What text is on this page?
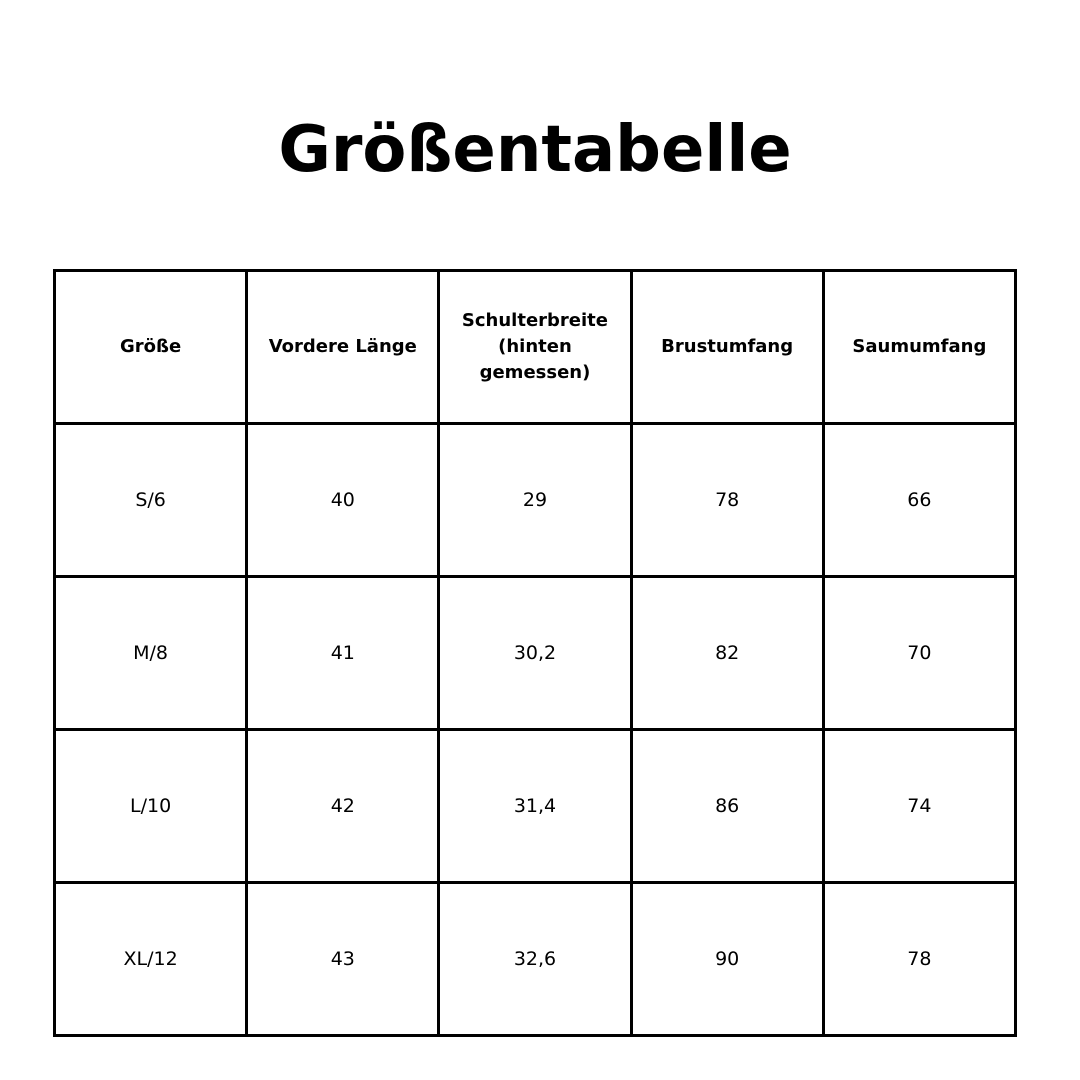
Größentabelle
Größe	Vordere Länge	Schulterbreite (hinten gemessen)	Brustumfang	Saumumfang
S/6	40	29	78	66
M/8	41	30,2	82	70
L/10	42	31,4	86	74
XL/12	43	32,6	90	78
